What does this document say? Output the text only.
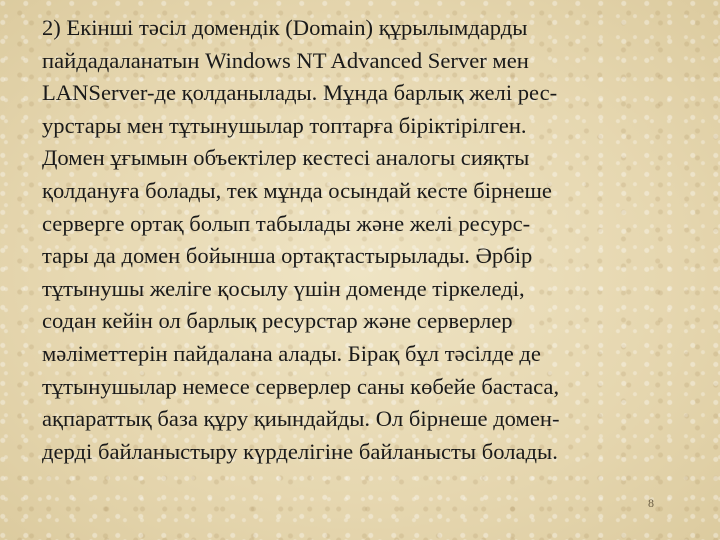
2) Екінші тәсіл домендік (Domain) құрылымдарды
пайдадаланатын Windows NT Advanced Server мен
LANServer-де қолданылады. Мұнда барлық желі рес-
урстары мен тұтынушылар топтарға біріктірілген.
Домен ұғымын объектілер кестесі аналогы сияқты
қолдануға болады, тек мұнда осындай кесте бірнеше
серверге ортақ болып табылады және желі ресурс-
тары да домен бойынша ортақтастырылады. Әрбір
тұтынушы желіге қосылу үшін доменде тіркеледі,
содан кейін ол барлық ресурстар және серверлер
мәліметтерін пайдалана алады. Бірақ бұл тәсілде де
тұтынушылар немесе серверлер саны көбейе бастаса,
ақпараттық база құру қиындайды. Ол бірнеше домен-
дерді байланыстыру күрделігіне байланысты болады.
8
